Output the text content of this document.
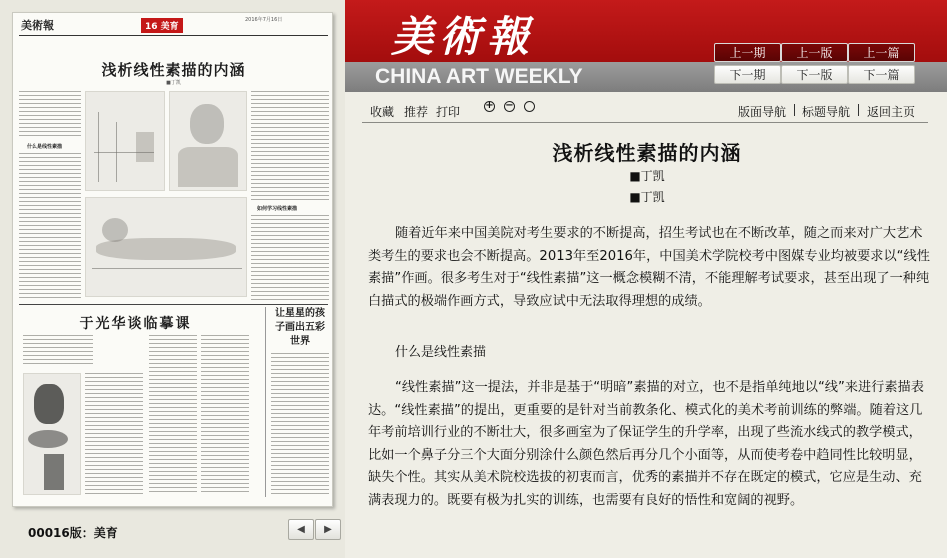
美術報	16 美育
2016年7月16日
浅析线性素描的内涵
■丁凯
什么是线性素描
如何学习线性素描
于光华谈临摹课
让星星的孩子画出五彩世界
00016版：美育	◀	▶
美術報
CHINA ART WEEKLY
上一期	上一版	上一篇
下一期	下一版	下一篇
收藏 推荐 打印	+ −	版面导航 标题导航 返回主页
浅析线性素描的内涵
■丁凯
■丁凯
随着近年来中国美院对考生要求的不断提高，招生考试也在不断改革，随之而来对广大艺术类考生的要求也会不断提高。2013年至2016年，中国美术学院校考中图媒专业均被要求以“线性素描”作画。很多考生对于“线性素描”这一概念模糊不清，不能理解考试要求，甚至出现了一种纯白描式的极端作画方式，导致应试中无法取得理想的成绩。
什么是线性素描
“线性素描”这一提法，并非是基于“明暗”素描的对立，也不是指单纯地以“线”来进行素描表达。“线性素描”的提出，更重要的是针对当前教条化、模式化的美术考前训练的弊端。随着这几年考前培训行业的不断壮大，很多画室为了保证学生的升学率，出现了些流水线式的教学模式，比如一个鼻子分三个大面分别涂什么颜色然后再分几个小面等，从而使考卷中趋同性比较明显，缺失个性。其实从美术院校选拔的初衷而言，优秀的素描并不存在既定的模式，它应是生动、充满表现力的。既要有极为扎实的训练，也需要有良好的悟性和宽阔的视野。
